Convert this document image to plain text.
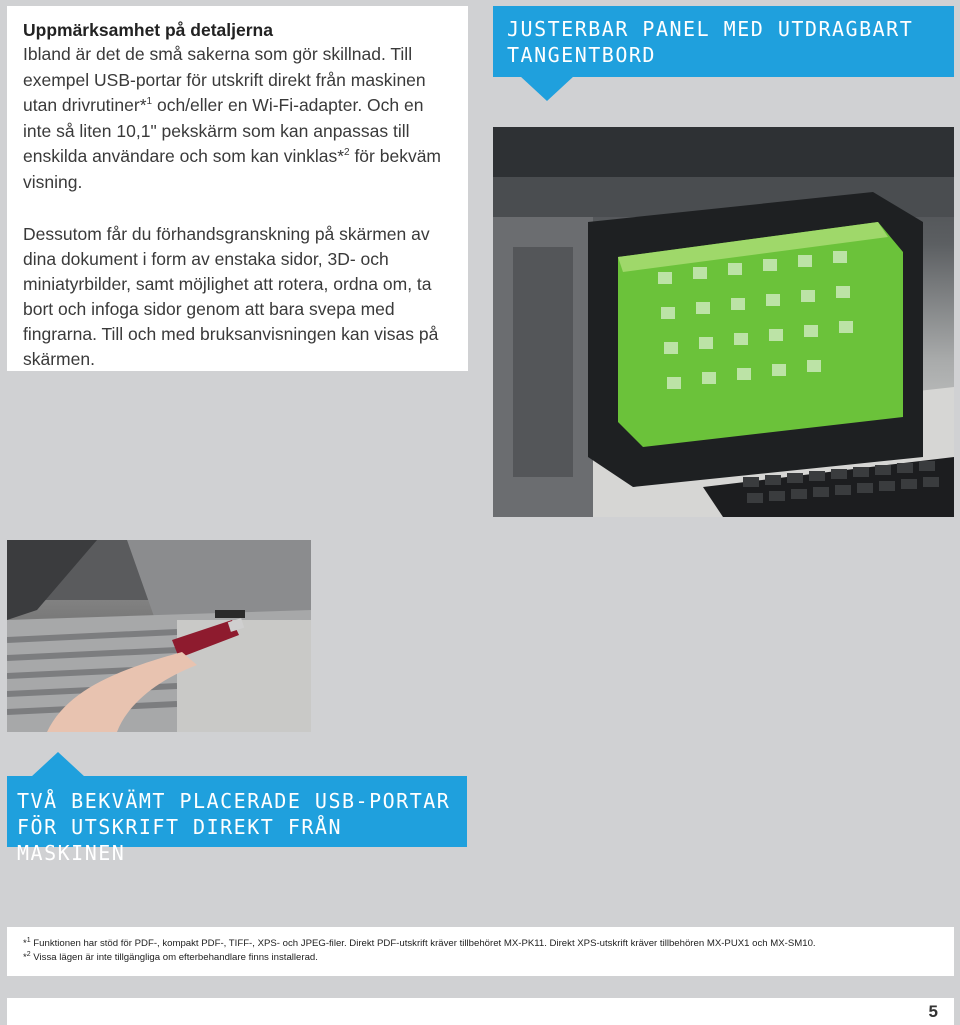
Uppmärksamhet på detaljerna

Ibland är det de små sakerna som gör skillnad. Till exempel USB-portar för utskrift direkt från maskinen utan drivrutiner*$^1$ och/eller en Wi-Fi-adapter. Och en inte så liten 10,1" pekskärm som kan anpassas till enskilda användare och som kan vinklas*$^2$ för bekväm visning.

Dessutom får du förhandsgranskning på skärmen av dina dokument i form av enstaka sidor, 3D- och miniatyrbilder, samt möjlighet att rotera, ordna om, ta bort och infoga sidor genom att bara svepa med fingrarna. Till och med bruksanvisningen kan visas på skärmen.

JUSTERBAR PANEL MED UTDRAGBART
TANGENTBORD
TVÅ BEKVÄMT PLACERADE USB-PORTAR
FÖR UTSKRIFT DIREKT FRÅN MASKINEN
*$^1$ Funktionen har stöd för PDF-, kompakt PDF-, TIFF-, XPS- och JPEG-filer. Direkt PDF-utskrift kräver tillbehöret MX-PK11. Direkt XPS-utskrift kräver tillbehören MX-PUX1 och MX-SM10.
*$^2$ Vissa lägen är inte tillgängliga om efterbehandlare finns installerad.
5
